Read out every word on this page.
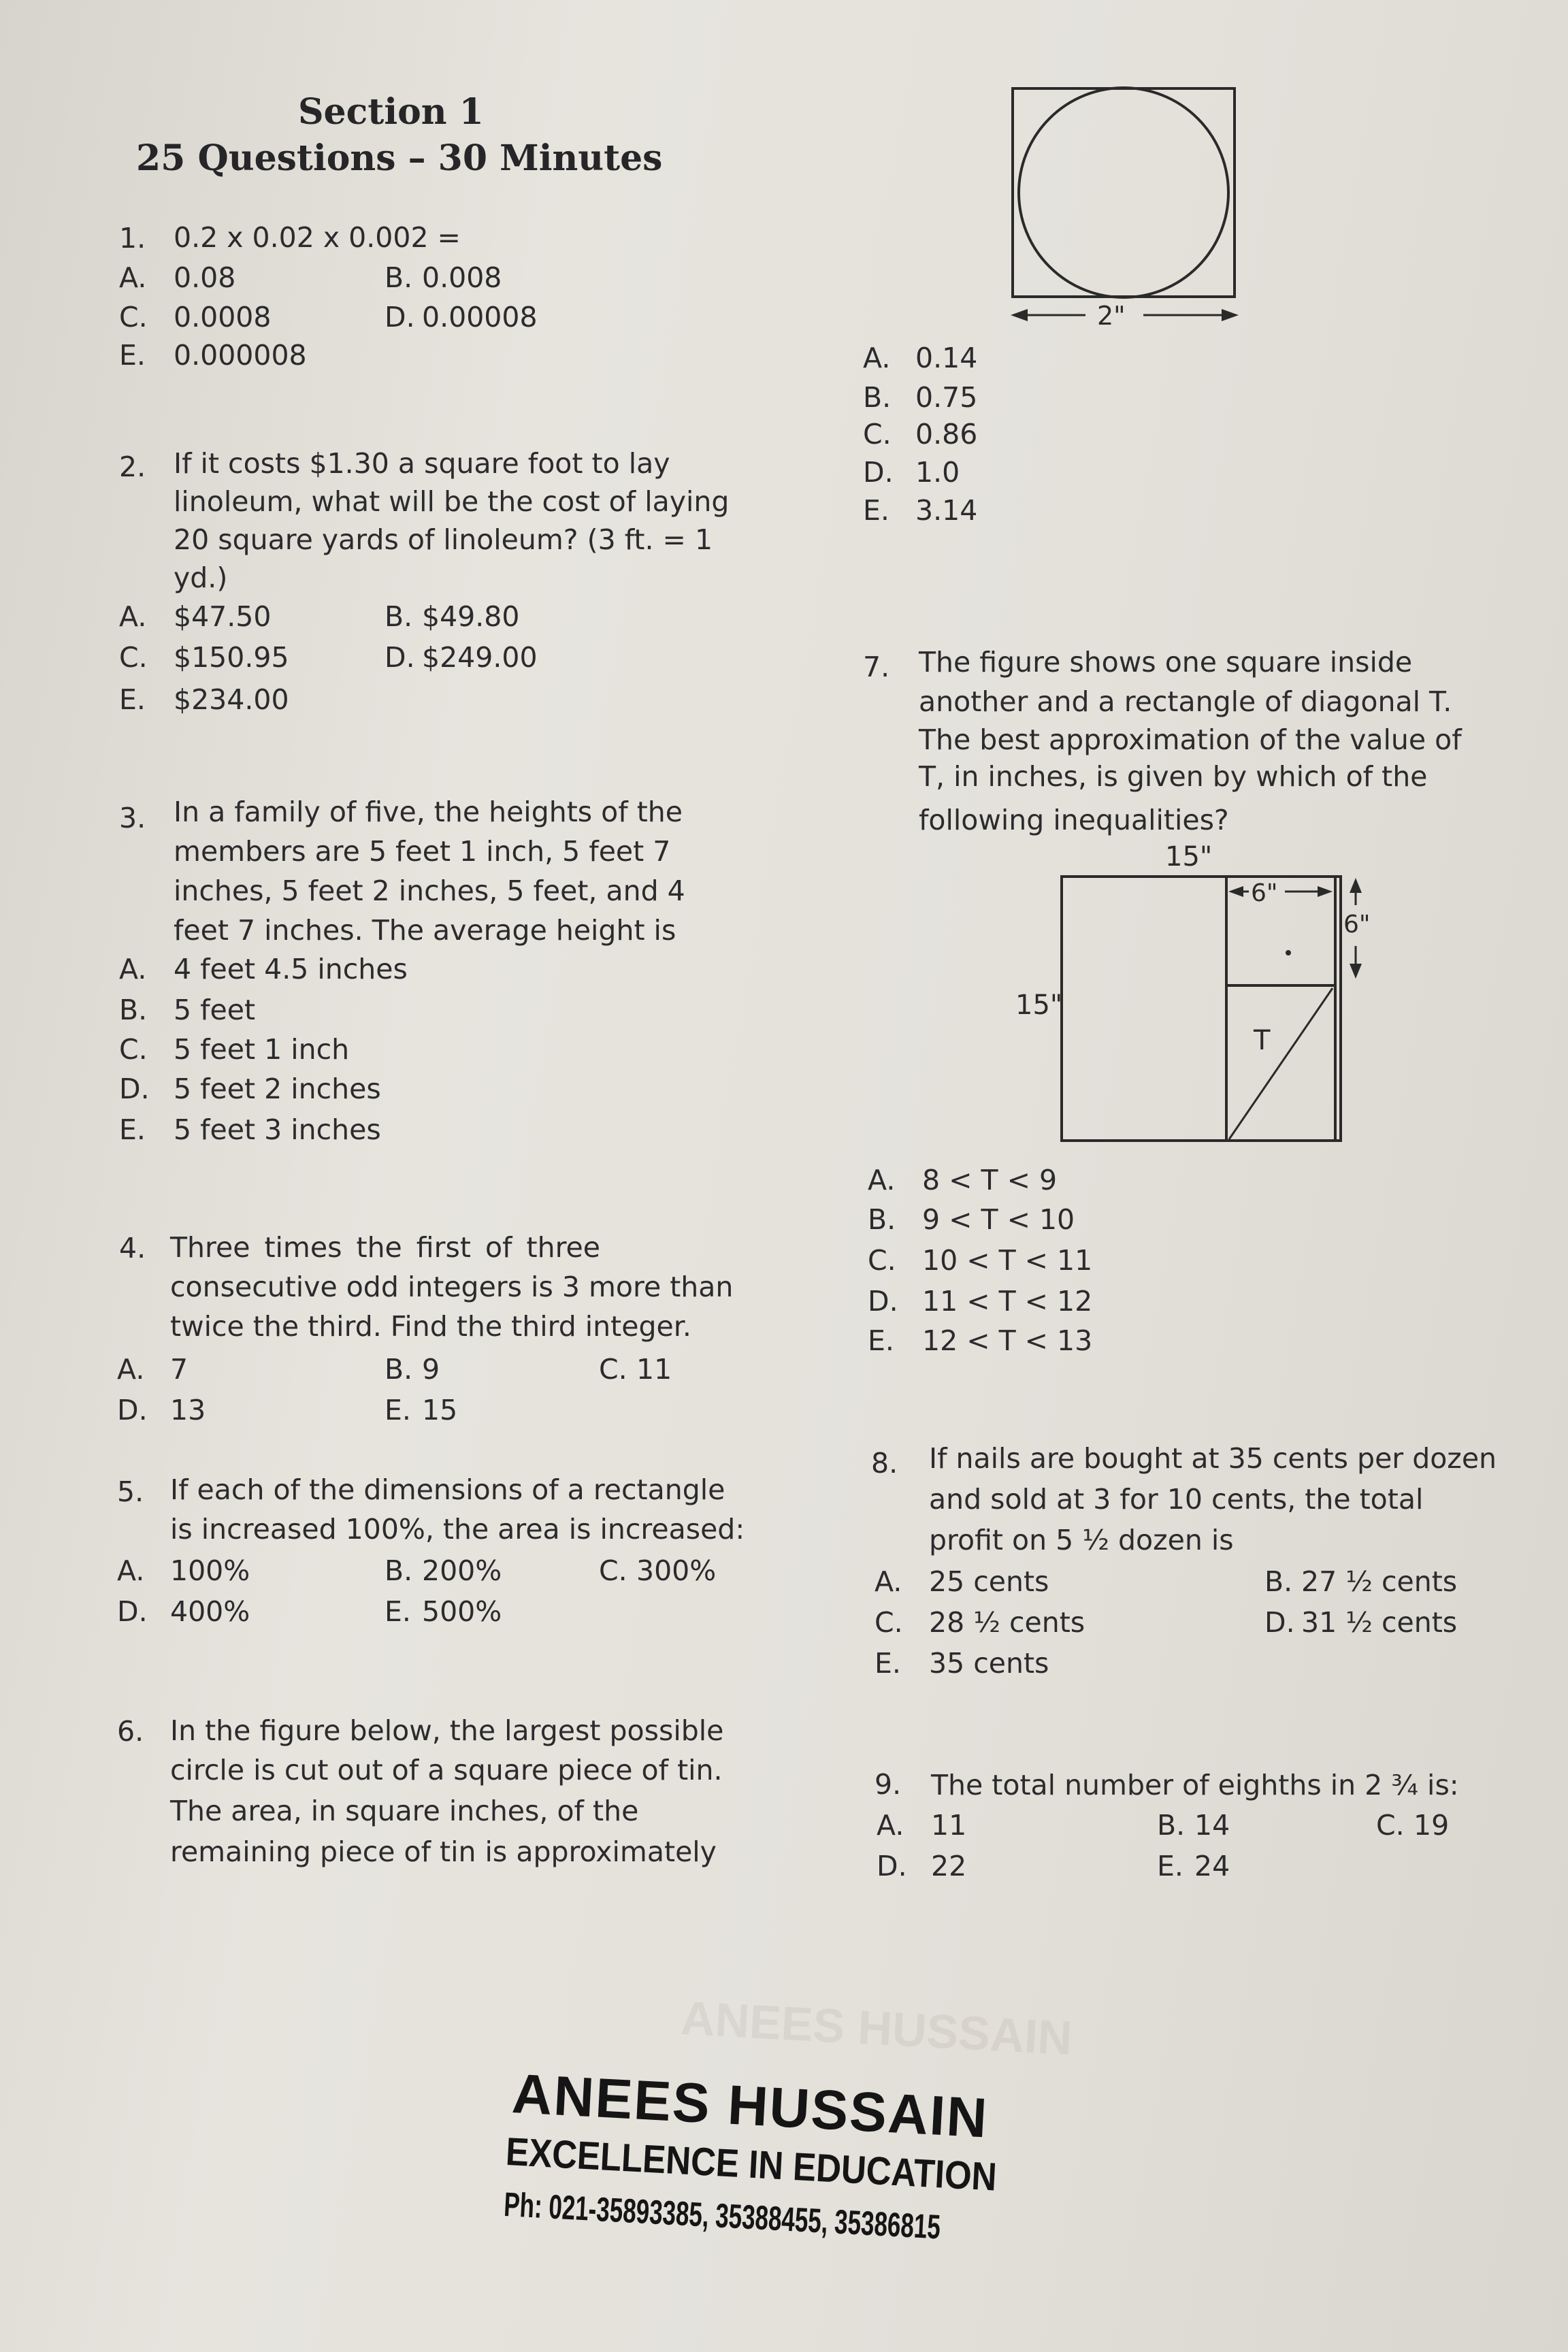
ANEES HUSSAIN
Section 1
25 Questions – 30 Minutes
1. 0.2 x 0.02 x 0.002 =
A. 0.08	B. 0.008
C. 0.0008	D. 0.00008
E. 0.000008
2. If it costs $1.30 a square foot to lay
linoleum, what will be the cost of laying
20 square yards of linoleum? (3 ft. = 1
yd.)
A. $47.50	B. $49.80
C. $150.95	D. $249.00
E. $234.00
3. In a family of five, the heights of the
members are 5 feet 1 inch, 5 feet 7
inches, 5 feet 2 inches, 5 feet, and 4
feet 7 inches. The average height is
A. 4 feet 4.5 inches
B. 5 feet
C. 5 feet 1 inch
D. 5 feet 2 inches
E. 5 feet 3 inches
4. Three times the first of three
consecutive odd integers is 3 more than
twice the third. Find the third integer.
A. 7	B. 9	C. 11
D. 13	E. 15
5. If each of the dimensions of a rectangle
is increased 100%, the area is increased:
A. 100%	B. 200%	C. 300%
D. 400%	E. 500%
6. In the figure below, the largest possible
circle is cut out of a square piece of tin.
The area, in square inches, of the
remaining piece of tin is approximately
A. 0.14
B. 0.75
C. 0.86
D. 1.0
E. 3.14
2"
7. The figure shows one square inside
another and a rectangle of diagonal T.
The best approximation of the value of
T, in inches, is given by which of the
following inequalities?
A. 8 < T < 9
B. 9 < T < 10
C. 10 < T < 11
D. 11 < T < 12
E. 12 < T < 13
15"
15"
T
6"
6"
8. If nails are bought at 35 cents per dozen
and sold at 3 for 10 cents, the total
profit on 5 ½ dozen is
A. 25 cents	B. 27 ½ cents
C. 28 ½ cents	D. 31 ½ cents
E. 35 cents
9. The total number of eighths in 2 ¾ is:
A. 11	B. 14	C. 19
D. 22	E. 24
ANEES HUSSAIN
EXCELLENCE IN EDUCATION
Ph: 021-35893385, 35388455, 35386815
